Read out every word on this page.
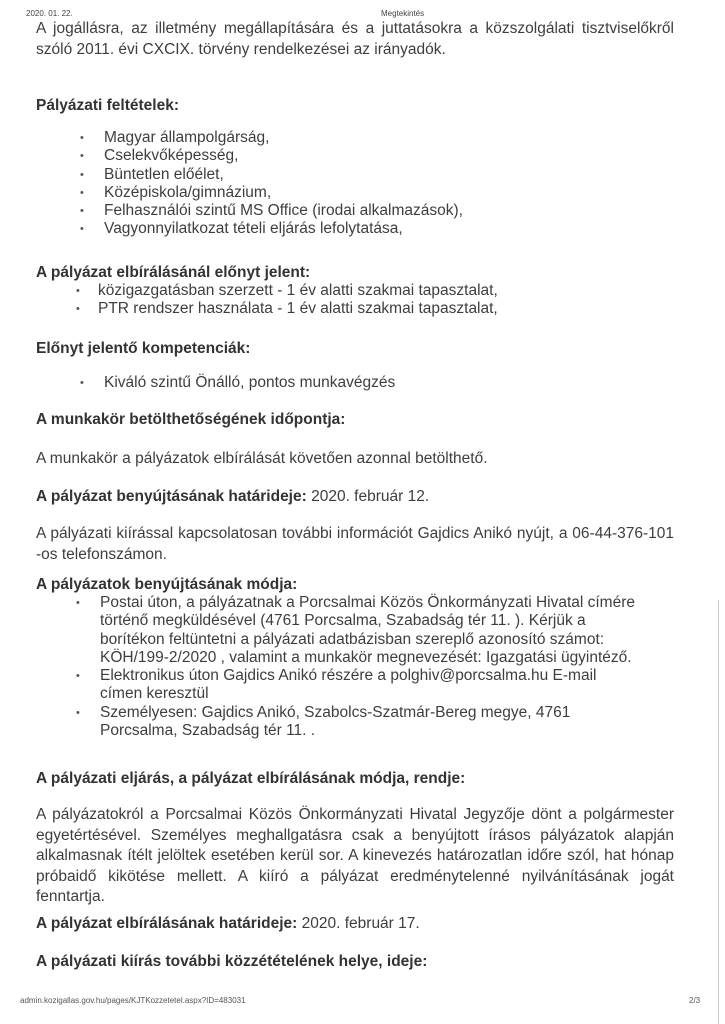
2020. 01. 22.	Megtekintés
A jogállásra, az illetmény megállapítására és a juttatásokra a közszolgálati tisztviselőkről szóló 2011. évi CXCIX. törvény rendelkezései az irányadók.
Pályázati feltételek:
• Magyar állampolgárság,
• Cselekvőképesség,
• Büntetlen előélet,
• Középiskola/gimnázium,
• Felhasználói szintű MS Office (irodai alkalmazások),
• Vagyonnyilatkozat tételi eljárás lefolytatása,
A pályázat elbírálásánál előnyt jelent:
• közigazgatásban szerzett - 1 év alatti szakmai tapasztalat,
• PTR rendszer használata - 1 év alatti szakmai tapasztalat,
Előnyt jelentő kompetenciák:
• Kiváló szintű Önálló, pontos munkavégzés
A munkakör betölthetőségének időpontja:
A munkakör a pályázatok elbírálását követően azonnal betölthető.
A pályázat benyújtásának határideje: 2020. február 12.
A pályázati kiírással kapcsolatosan további információt Gajdics Anikó nyújt, a 06-44-376-101 -os telefonszámon.
A pályázatok benyújtásának módja:
• Postai úton, a pályázatnak a Porcsalmai Közös Önkormányzati Hivatal címére történő megküldésével (4761 Porcsalma, Szabadság tér 11. ). Kérjük a borítékon feltüntetni a pályázati adatbázisban szereplő azonosító számot: KÖH/199-2/2020 , valamint a munkakör megnevezését: Igazgatási ügyintéző.
• Elektronikus úton Gajdics Anikó részére a polghiv@porcsalma.hu E-mail címen keresztül
• Személyesen: Gajdics Anikó, Szabolcs-Szatmár-Bereg megye, 4761 Porcsalma, Szabadság tér 11. .
A pályázati eljárás, a pályázat elbírálásának módja, rendje:
A pályázatokról a Porcsalmai Közös Önkormányzati Hivatal Jegyzője dönt a polgármester egyetértésével. Személyes meghallgatásra csak a benyújtott írásos pályázatok alapján alkalmasnak ítélt jelöltek esetében kerül sor. A kinevezés határozatlan időre szól, hat hónap próbaidő kikötése mellett. A kiíró a pályázat eredménytelenné nyilvánításának jogát fenntartja.
A pályázat elbírálásának határideje: 2020. február 17.
A pályázati kiírás további közzétételének helye, ideje:
admin.kozigallas.gov.hu/pages/KJTKozzetetel.aspx?ID=483031	2/3
